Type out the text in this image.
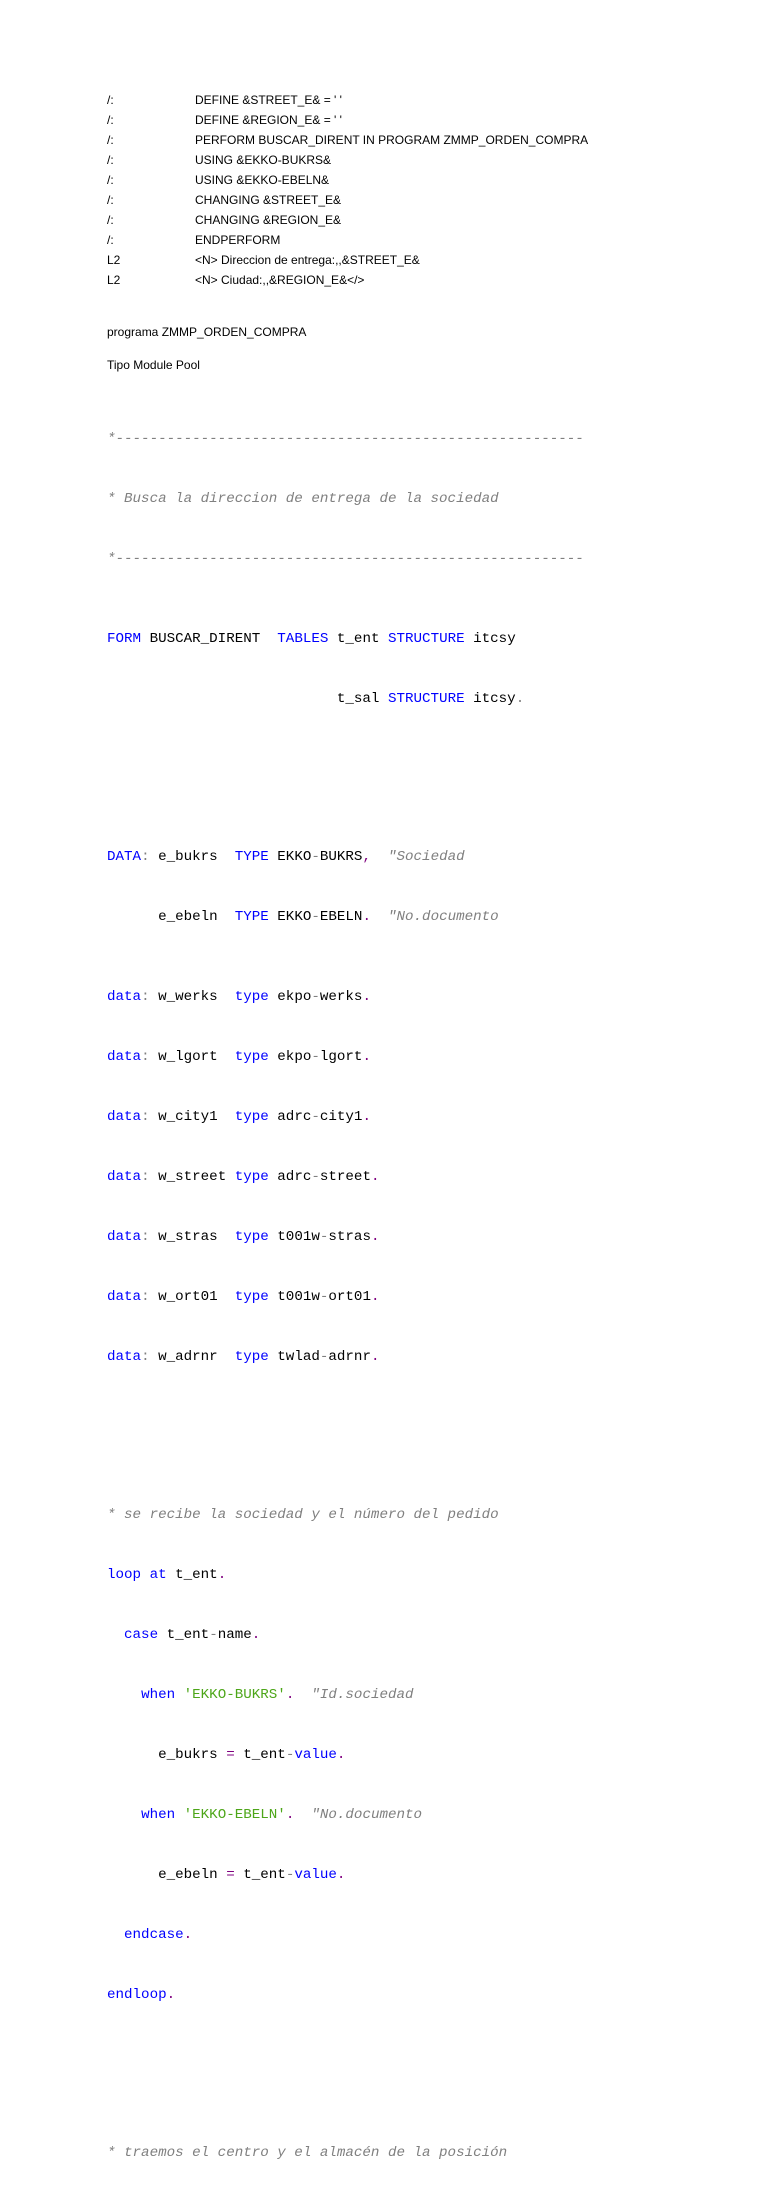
/:	DEFINE &STREET_E& = ' '
/:	DEFINE &REGION_E& = ' '
/:	PERFORM BUSCAR_DIRENT IN PROGRAM ZMMP_ORDEN_COMPRA
/:	USING &EKKO-BUKRS&
/:	USING &EKKO-EBELN&
/:	CHANGING &STREET_E&
/:	CHANGING &REGION_E&
/:	ENDPERFORM
L2	<N> Direccion de entrega:,,&STREET_E&
L2	<N> Ciudad:,,&REGION_E&</>
programa ZMMP_ORDEN_COMPRA
Tipo Module Pool

*-------------------------------------------------------

* Busca la direccion de entrega de la sociedad

*-------------------------------------------------------

FORM BUSCAR_DIRENT  TABLES t_ent STRUCTURE itcsy

t_sal STRUCTURE itcsy.

DATA: e_bukrs  TYPE EKKO-BUKRS,  "Sociedad

e_ebeln  TYPE EKKO-EBELN.  "No.documento

data: w_werks  type ekpo-werks.

data: w_lgort  type ekpo-lgort.

data: w_city1  type adrc-city1.

data: w_street type adrc-street.

data: w_stras  type t001w-stras.

data: w_ort01  type t001w-ort01.

data: w_adrnr  type twlad-adrnr.

* se recibe la sociedad y el número del pedido

loop at t_ent.

case t_ent-name.

when 'EKKO-BUKRS'.  "Id.sociedad

e_bukrs = t_ent-value.

when 'EKKO-EBELN'.  "No.documento

e_ebeln = t_ent-value.

endcase.

endloop.

* traemos el centro y el almacén de la posición
